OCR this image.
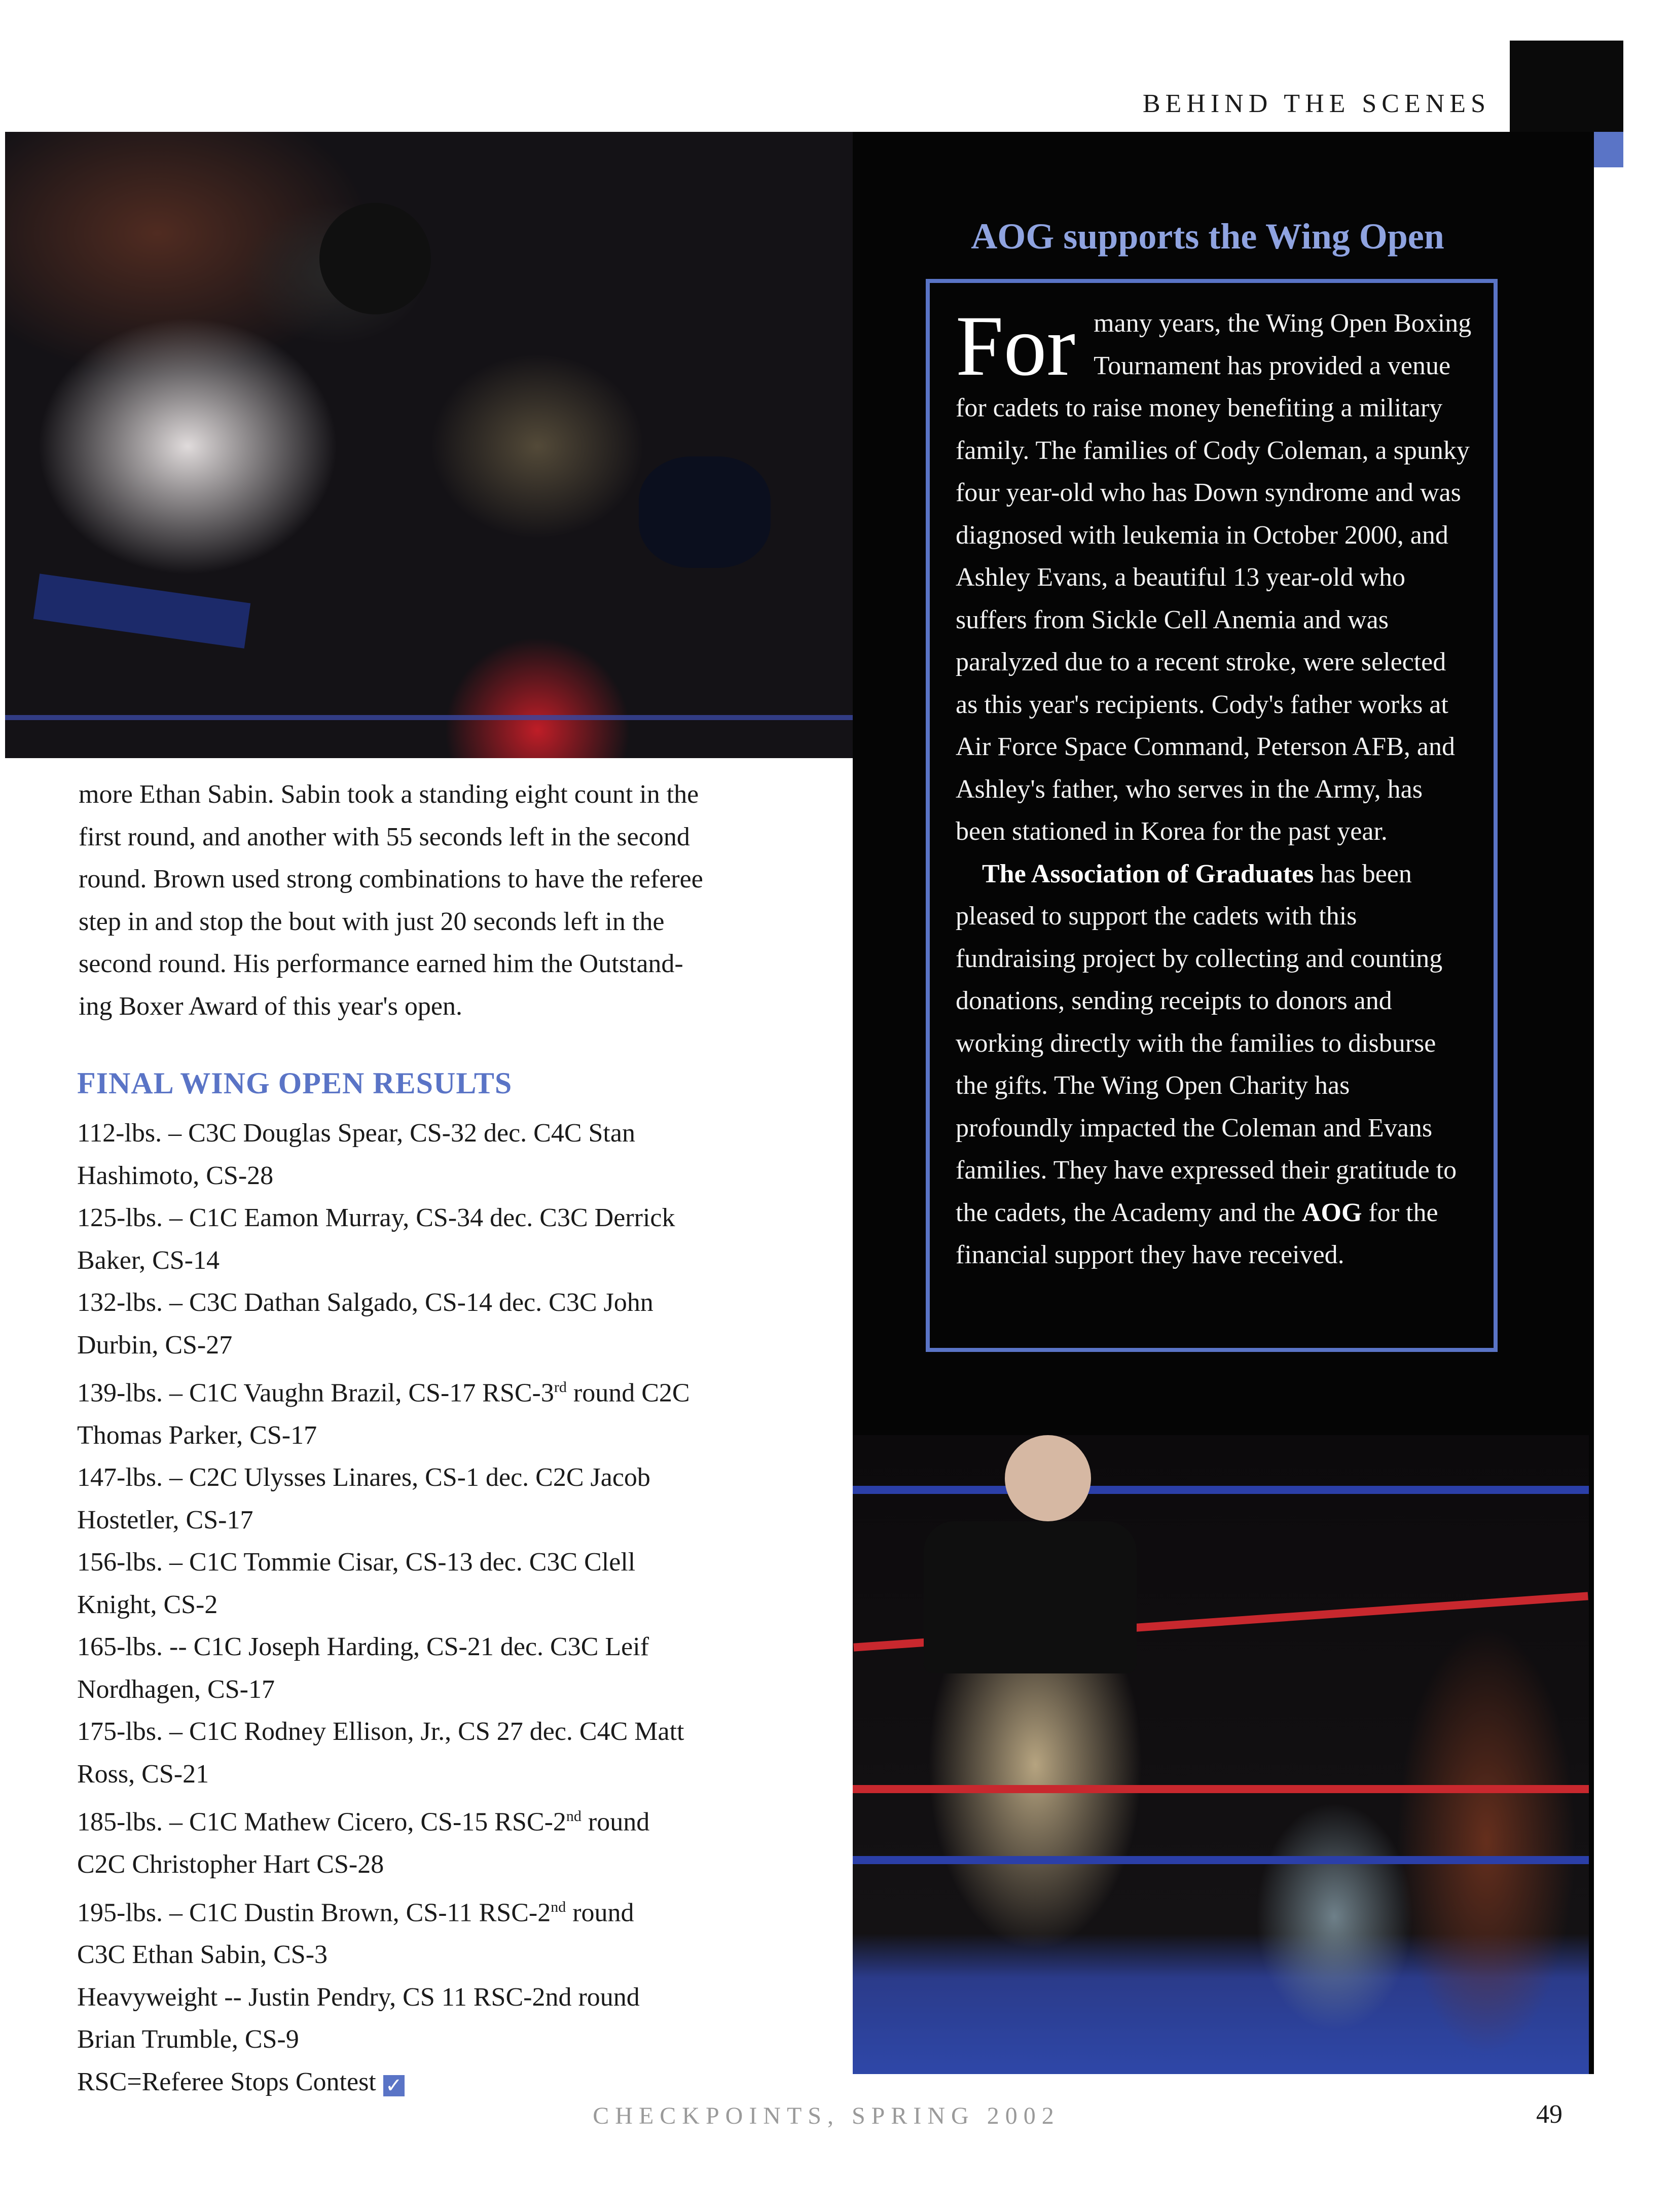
BEHIND THE SCENES
more Ethan Sabin. Sabin took a standing eight count in the
first round, and another with 55 seconds left in the second
round. Brown used strong combinations to have the referee
step in and stop the bout with just 20 seconds left in the
second round. His performance earned him the Outstand-
ing Boxer Award of this year's open.
FINAL WING OPEN RESULTS
112-lbs. – C3C Douglas Spear, CS-32 dec. C4C Stan
Hashimoto, CS-28
125-lbs. – C1C Eamon Murray, CS-34 dec. C3C Derrick
Baker, CS-14
132-lbs. – C3C Dathan Salgado, CS-14 dec. C3C John
Durbin, CS-27
139-lbs. – C1C Vaughn Brazil, CS-17 RSC-3rd round C2C
Thomas Parker, CS-17
147-lbs. – C2C Ulysses Linares, CS-1 dec. C2C Jacob
Hostetler, CS-17
156-lbs. – C1C Tommie Cisar, CS-13 dec. C3C Clell
Knight, CS-2
165-lbs. -- C1C Joseph Harding, CS-21 dec. C3C Leif
Nordhagen, CS-17
175-lbs. – C1C Rodney Ellison, Jr., CS 27 dec. C4C Matt
Ross, CS-21
185-lbs. – C1C Mathew Cicero, CS-15 RSC-2nd round
C2C Christopher Hart CS-28
195-lbs. – C1C Dustin Brown, CS-11 RSC-2nd round
C3C Ethan Sabin, CS-3
Heavyweight -- Justin Pendry, CS 11 RSC-2nd round
Brian Trumble, CS-9
RSC=Referee Stops Contest ✓
AOG supports the Wing Open

For many years, the Wing Open Boxing Tournament has provided a venue for cadets to raise money benefiting a military family. The families of Cody Coleman, a spunky four year-old who has Down syndrome and was diagnosed with leukemia in October 2000, and Ashley Evans, a beautiful 13 year-old who suffers from Sickle Cell Anemia and was paralyzed due to a recent stroke, were selected as this year's recipients. Cody's father works at Air Force Space Command, Peterson AFB, and Ashley's father, who serves in the Army, has been stationed in Korea for the past year.

The Association of Graduates has been pleased to support the cadets with this fundraising project by collecting and counting donations, sending receipts to donors and working directly with the families to disburse the gifts. The Wing Open Charity has profoundly impacted the Coleman and Evans families. They have expressed their gratitude to the cadets, the Academy and the AOG for the financial support they have received.

CHECKPOINTS, SPRING 2002	49
